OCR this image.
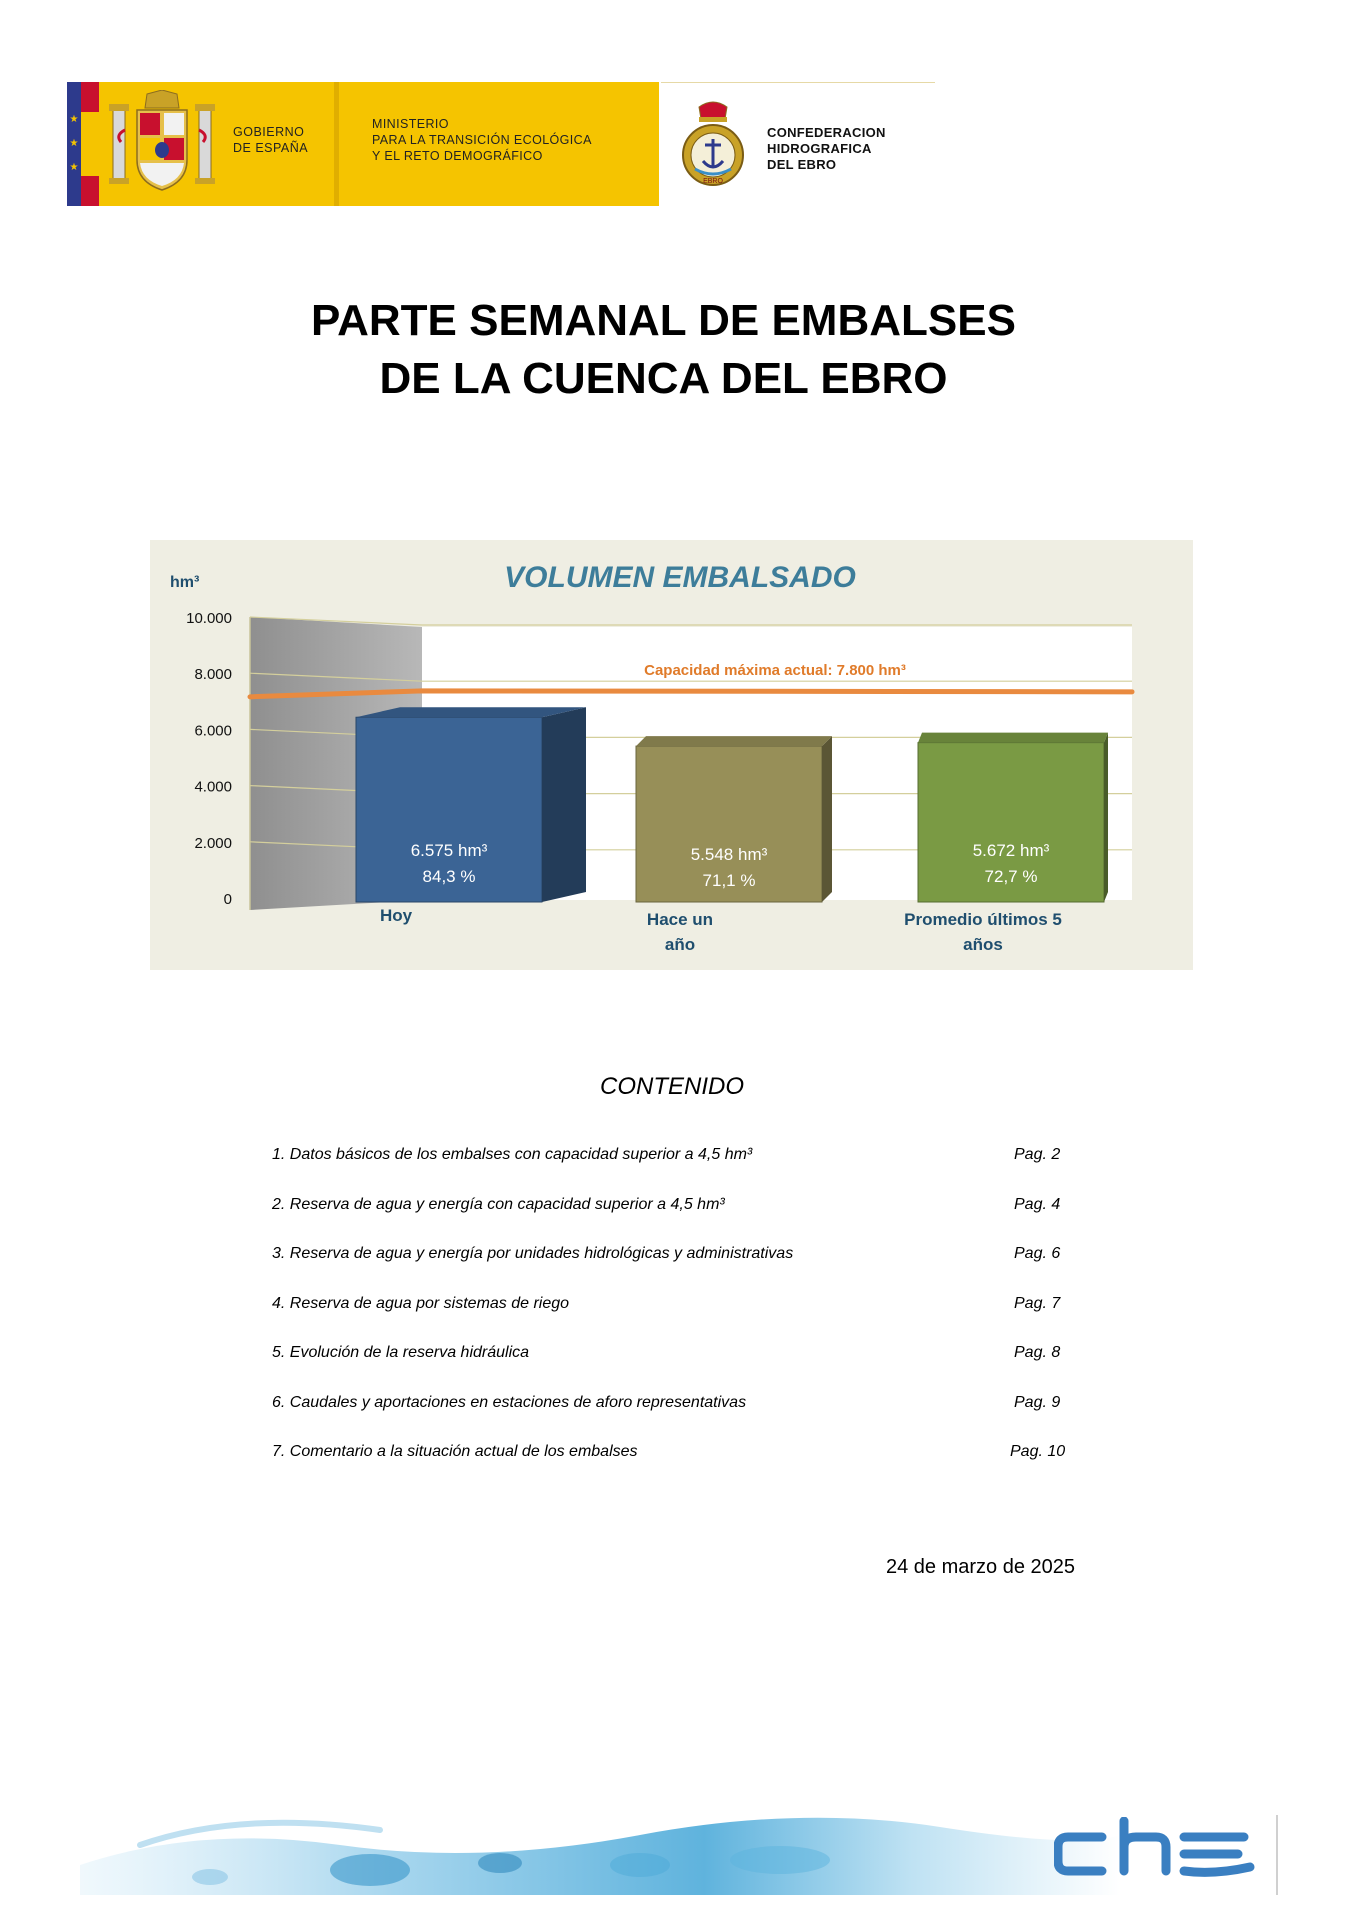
★
★
★
GOBIERNO
DE ESPAÑA
MINISTERIO
PARA LA TRANSICIÓN ECOLÓGICA
Y EL RETO DEMOGRÁFICO
EBRO
CONFEDERACION
HIDROGRAFICA
DEL EBRO
PARTE SEMANAL DE EMBALSES
DE LA CUENCA DEL EBRO
VOLUMEN EMBALSADO
hm³
0
2.000
4.000
6.000
8.000
10.000
Capacidad máxima actual: 7.800 hm³
6.575 hm³
84,3 %
5.548 hm³
71,1 %
5.672 hm³
72,7 %
Hoy	Hace un
año
Promedio últimos 5
años
CONTENIDO
1. Datos básicos de los embalses con capacidad superior a 4,5 hm³	Pag. 2
2. Reserva de agua y energía con capacidad superior a 4,5 hm³	Pag. 4
3. Reserva de agua y energía por unidades hidrológicas y administrativas	Pag. 6
4. Reserva de agua por sistemas de riego	Pag. 7
5. Evolución de la reserva hidráulica	Pag. 8
6. Caudales y aportaciones en estaciones de aforo representativas	Pag. 9
7. Comentario a la situación actual de los embalses	Pag. 10
24 de marzo de 2025
